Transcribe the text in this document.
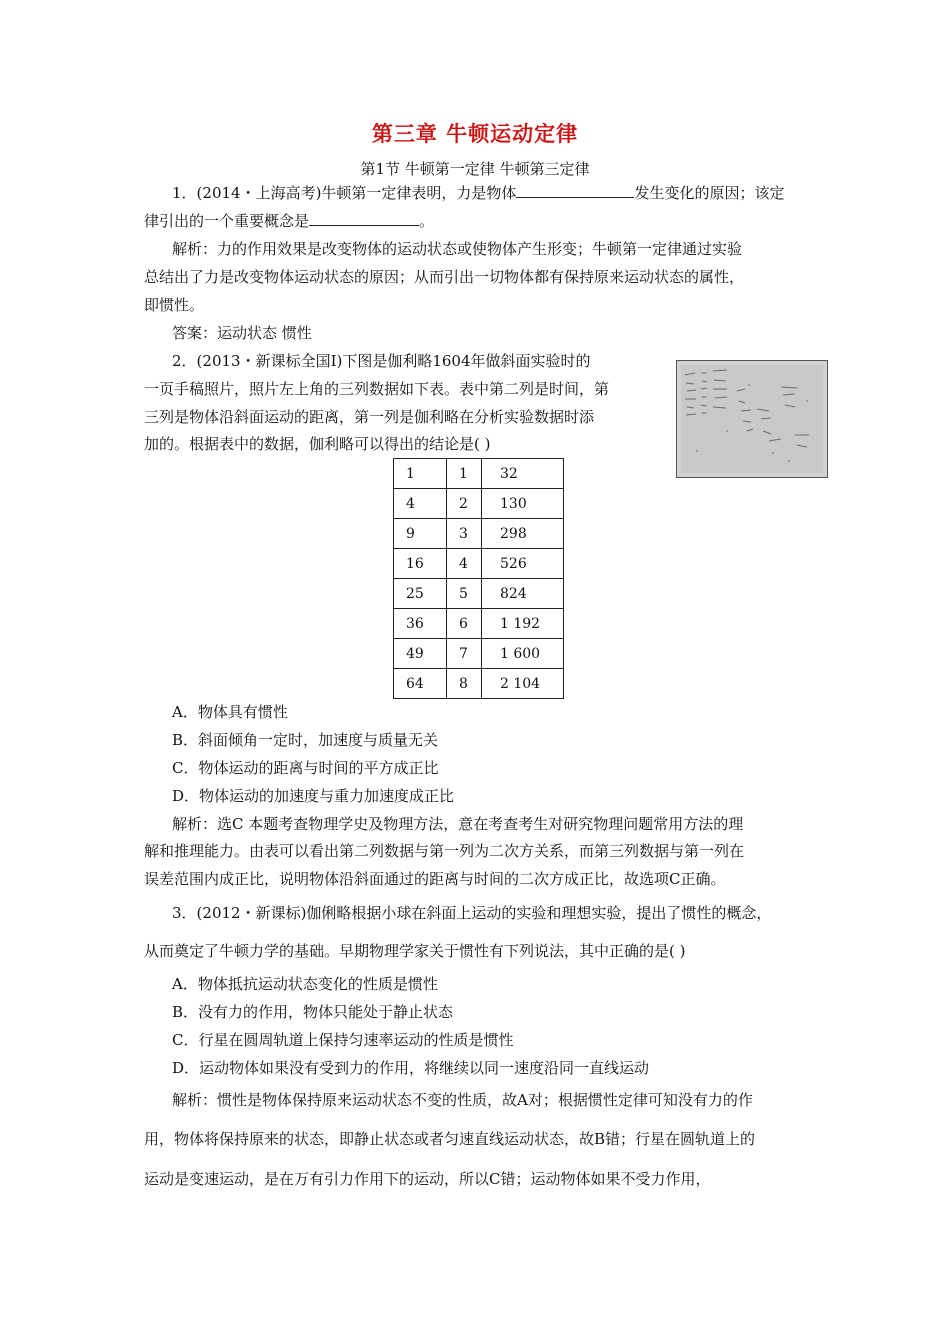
第三章 牛顿运动定律
第1节 牛顿第一定律 牛顿第三定律
1．(2014・上海高考)牛顿第一定律表明，力是物体	发生变化的原因；该定
律引出的一个重要概念是	。
解析：力的作用效果是改变物体的运动状态或使物体产生形变；牛顿第一定律通过实验
总结出了力是改变物体运动状态的原因；从而引出一切物体都有保持原来运动状态的属性，
即惯性。
答案：运动状态 惯性
2．(2013・新课标全国Ⅰ)下图是伽利略1604年做斜面实验时的
一页手稿照片，照片左上角的三列数据如下表。表中第二列是时间，第
三列是物体沿斜面运动的距离，第一列是伽利略在分析实验数据时添
加的。根据表中的数据，伽利略可以得出的结论是( )
1	1	32
4	2	130
9	3	298
16	4	526
25	5	824
36	6	1 192
49	7	1 600
64	8	2 104
A．物体具有惯性
B．斜面倾角一定时，加速度与质量无关
C．物体运动的距离与时间的平方成正比
D．物体运动的加速度与重力加速度成正比
解析：选C 本题考查物理学史及物理方法，意在考查考生对研究物理问题常用方法的理
解和推理能力。由表可以看出第二列数据与第一列为二次方关系，而第三列数据与第一列在
误差范围内成正比，说明物体沿斜面通过的距离与时间的二次方成正比，故选项C正确。
3．(2012・新课标)伽俐略根据小球在斜面上运动的实验和理想实验，提出了惯性的概念，
从而奠定了牛顿力学的基础。早期物理学家关于惯性有下列说法，其中正确的是( )
A．物体抵抗运动状态变化的性质是惯性
B．没有力的作用，物体只能处于静止状态
C．行星在圆周轨道上保持匀速率运动的性质是惯性
D．运动物体如果没有受到力的作用，将继续以同一速度沿同一直线运动
解析：惯性是物体保持原来运动状态不变的性质，故A对；根据惯性定律可知没有力的作
用，物体将保持原来的状态，即静止状态或者匀速直线运动状态，故B错；行星在圆轨道上的
运动是变速运动，是在万有引力作用下的运动，所以C错；运动物体如果不受力作用，
